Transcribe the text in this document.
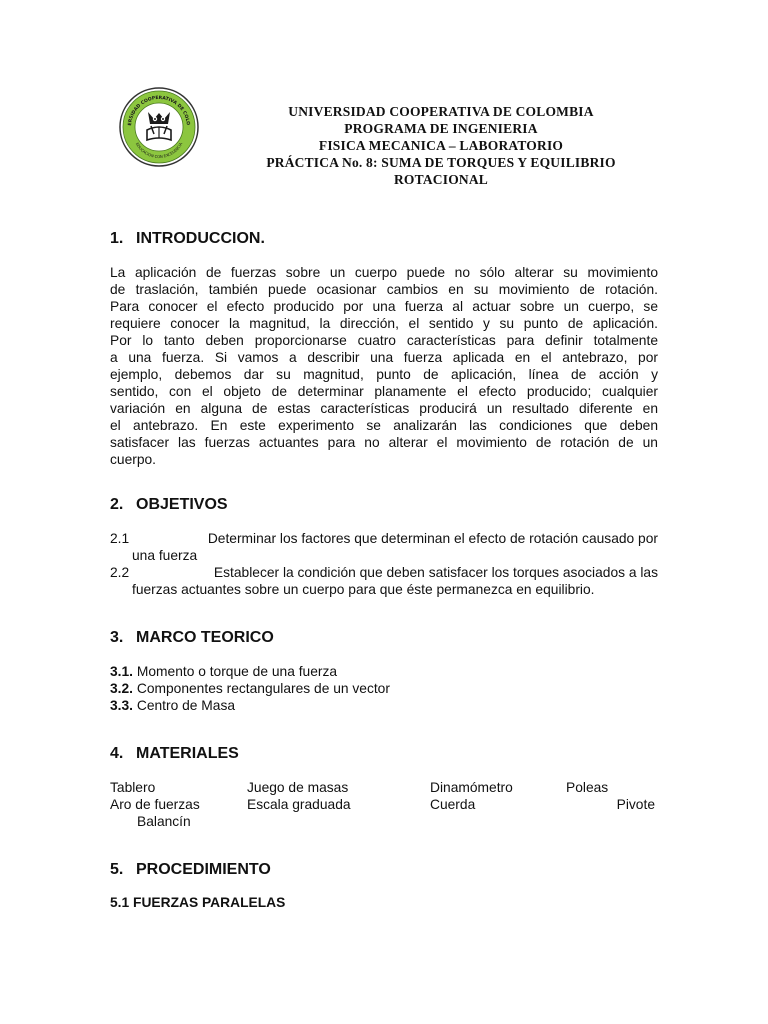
ERSIDAD COOPERATIVA DE COLO
EDUCACION CON EXCELENCIA
UNIVERSIDAD COOPERATIVA DE COLOMBIA
PROGRAMA DE INGENIERIA
FISICA MECANICA – LABORATORIO
PRÁCTICA No. 8: SUMA DE TORQUES Y EQUILIBRIO
ROTACIONAL
1. INTRODUCCION.
La aplicación de fuerzas sobre un cuerpo puede no sólo alterar su movimiento
de traslación, también puede ocasionar cambios en su movimiento de rotación.
Para conocer el efecto producido por una fuerza al actuar sobre un cuerpo, se
requiere conocer la magnitud, la dirección, el sentido y su punto de aplicación.
Por lo tanto deben proporcionarse cuatro características para definir totalmente
a una fuerza. Si vamos a describir una fuerza aplicada en el antebrazo, por
ejemplo, debemos dar su magnitud, punto de aplicación, línea de acción y
sentido, con el objeto de determinar planamente el efecto producido; cualquier
variación en alguna de estas características producirá un resultado diferente en
el antebrazo. En este experimento se analizarán las condiciones que deben
satisfacer las fuerzas actuantes para no alterar el movimiento de rotación de un
cuerpo.
2. OBJETIVOS
2.1	Determinar los factores que determinan el efecto de rotación causado por
una fuerza
2.2	Establecer la condición que deben satisfacer los torques asociados a las
fuerzas actuantes sobre un cuerpo para que éste permanezca en equilibrio.
3. MARCO TEORICO
3.1. Momento o torque de una fuerza
3.2. Componentes rectangulares de un vector
3.3. Centro de Masa
4. MATERIALES
Tablero	Juego de masas	Dinamómetro	Poleas
Aro de fuerzas	Escala graduada	Cuerda	Pivote
Balancín
5. PROCEDIMIENTO
5.1 FUERZAS PARALELAS
